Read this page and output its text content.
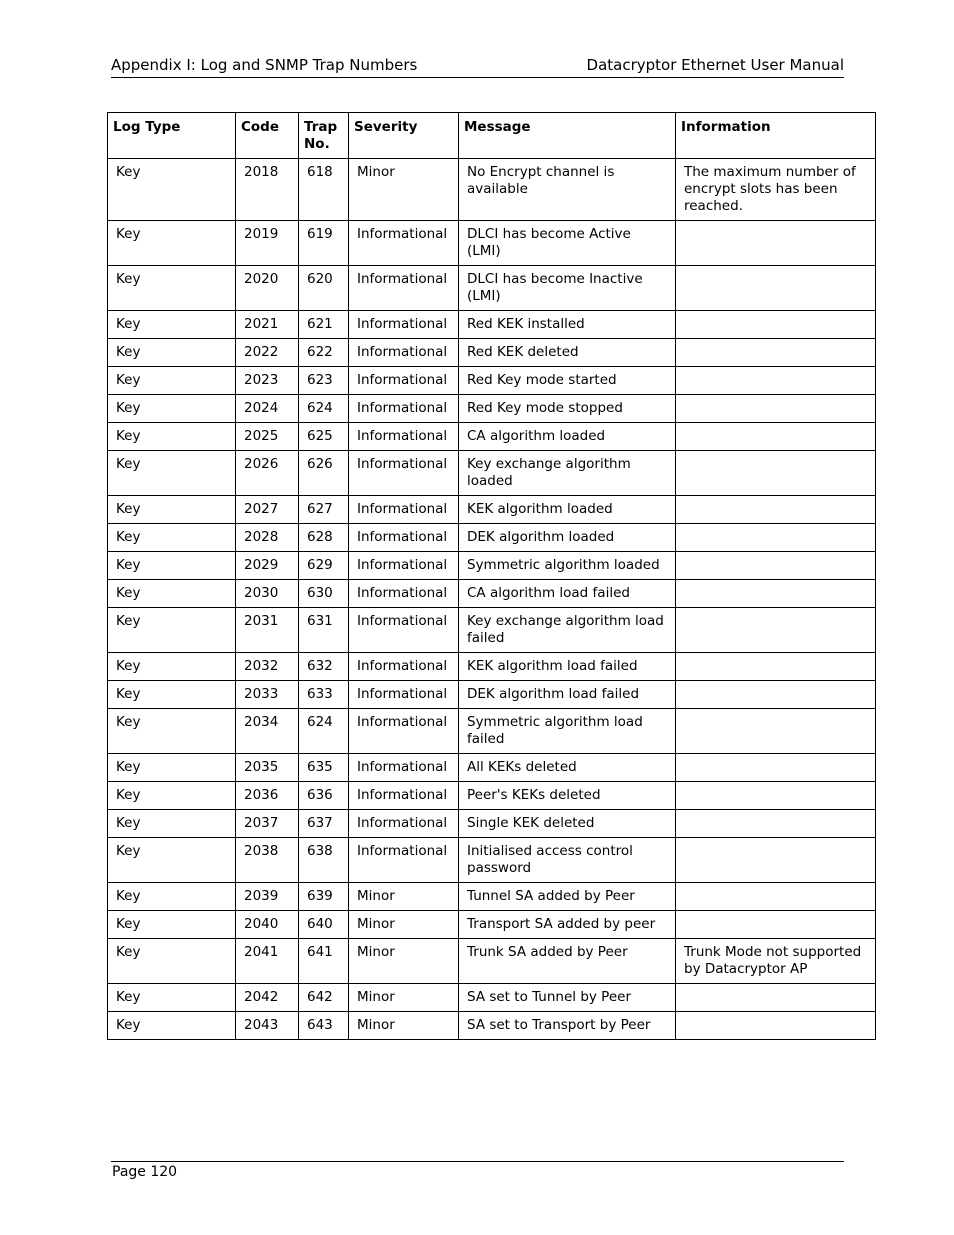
Appendix I: Log and SNMP Trap Numbers	Datacryptor Ethernet User Manual
Log Type	Code	Trap No.	Severity	Message	Information
Key	2018	618	Minor	No Encrypt channel is available	The maximum number of encrypt slots has been reached.
Key	2019	619	Informational	DLCI has become Active (LMI)	
Key	2020	620	Informational	DLCI has become Inactive (LMI)	
Key	2021	621	Informational	Red KEK installed	
Key	2022	622	Informational	Red KEK deleted	
Key	2023	623	Informational	Red Key mode started	
Key	2024	624	Informational	Red Key mode stopped	
Key	2025	625	Informational	CA algorithm loaded	
Key	2026	626	Informational	Key exchange algorithm loaded	
Key	2027	627	Informational	KEK algorithm loaded	
Key	2028	628	Informational	DEK algorithm loaded	
Key	2029	629	Informational	Symmetric algorithm loaded	
Key	2030	630	Informational	CA algorithm load failed	
Key	2031	631	Informational	Key exchange algorithm load failed	
Key	2032	632	Informational	KEK algorithm load failed	
Key	2033	633	Informational	DEK algorithm load failed	
Key	2034	624	Informational	Symmetric algorithm load failed	
Key	2035	635	Informational	All KEKs deleted	
Key	2036	636	Informational	Peer's KEKs deleted	
Key	2037	637	Informational	Single KEK deleted	
Key	2038	638	Informational	Initialised access control password	
Key	2039	639	Minor	Tunnel SA added by Peer	
Key	2040	640	Minor	Transport SA added by peer	
Key	2041	641	Minor	Trunk SA added by Peer	Trunk Mode not supported by Datacryptor AP
Key	2042	642	Minor	SA set to Tunnel by Peer	
Key	2043	643	Minor	SA set to Transport by Peer	
Page 120
